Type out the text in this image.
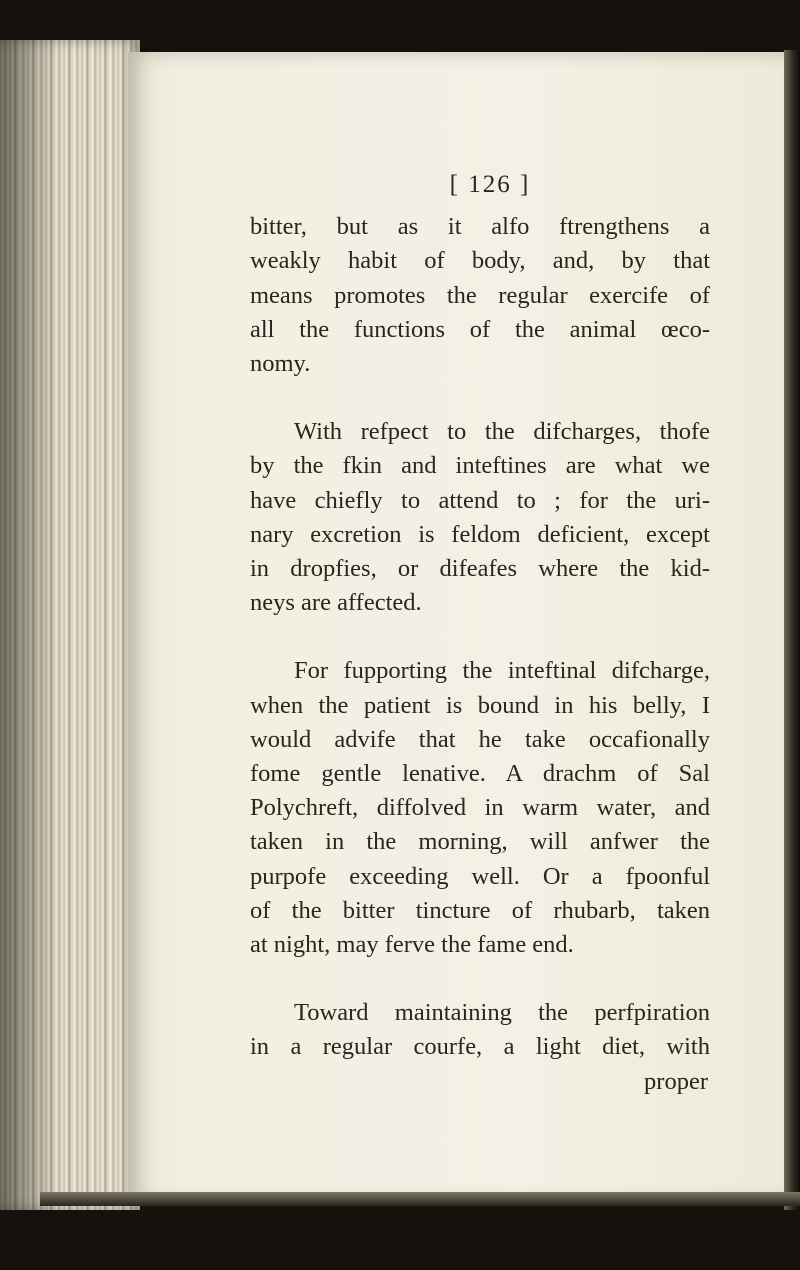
[ 126 ]
bitter, but as it alfo ftrengthens a
weakly habit of body, and, by that
means promotes the regular exercife of
all the functions of the animal œco-
nomy.
With refpect to the difcharges, thofe
by the fkin and inteftines are what we
have chiefly to attend to ; for the uri-
nary excretion is feldom deficient, except
in dropfies, or difeafes where the kid-
neys are affected.
For fupporting the inteftinal difcharge,
when the patient is bound in his belly, I
would advife that he take occafionally
fome gentle lenative. A drachm of Sal
Polychreft, diffolved in warm water, and
taken in the morning, will anfwer the
purpofe exceeding well. Or a fpoonful
of the bitter tincture of rhubarb, taken
at night, may ferve the fame end.
Toward maintaining the perfpiration
in a regular courfe, a light diet, with
proper
